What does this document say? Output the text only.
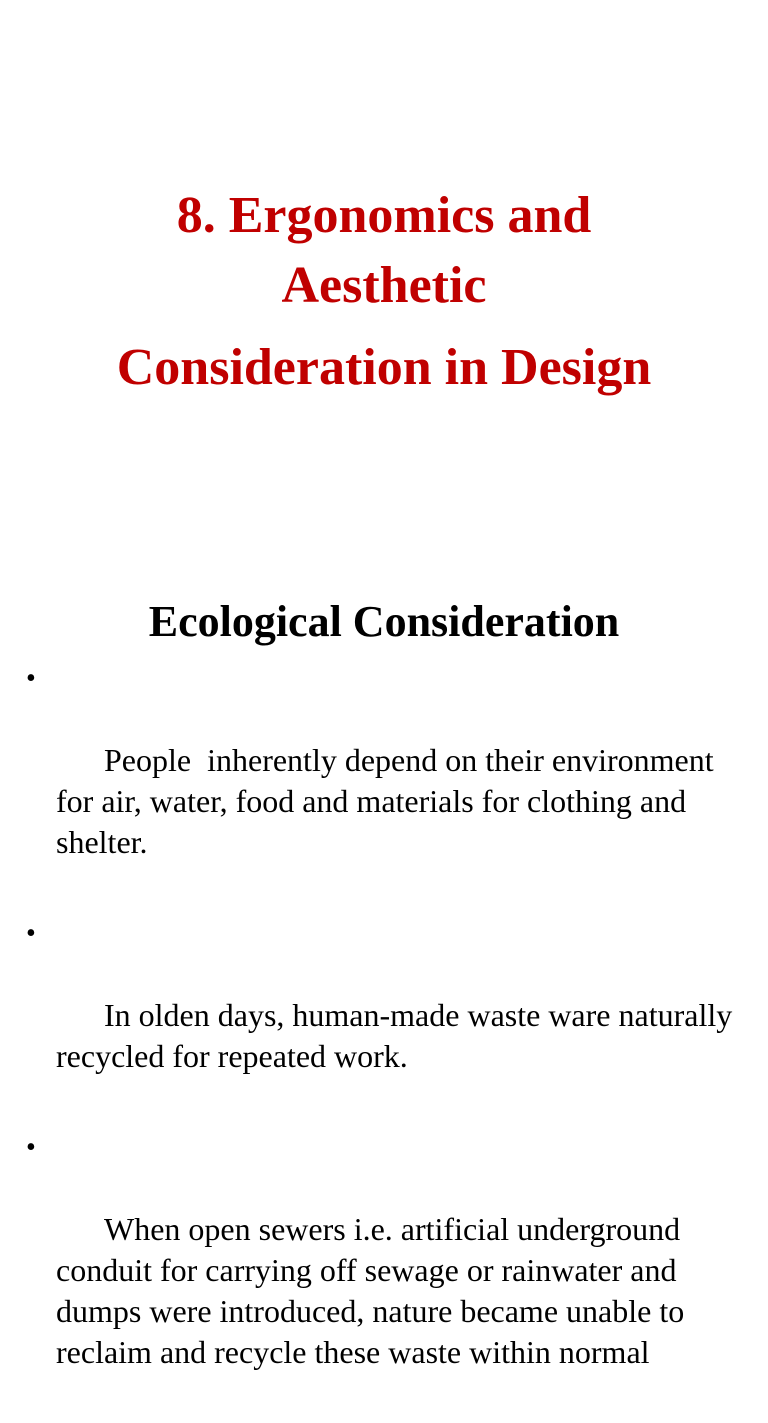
8. Ergonomics and
Aesthetic
Consideration in Design
Ecological Consideration

•

People  inherently depend on their environment for air, water, food and materials for clothing and shelter.

•

In olden days, human-made waste ware naturally recycled for repeated work.

•

When open sewers i.e. artificial underground conduit for carrying off sewage or rainwater and dumps were introduced, nature became unable to reclaim and recycle these waste within normal
